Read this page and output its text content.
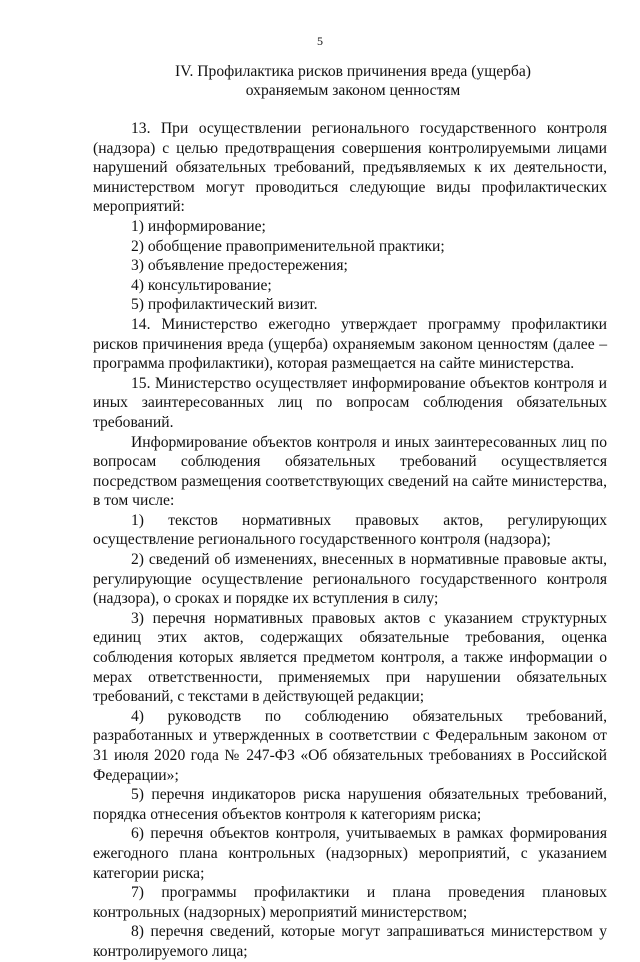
5
IV. Профилактика рисков причинения вреда (ущерба)
охраняемым законом ценностям

13. При осуществлении регионального государственного контроля (надзора) с целью предотвращения совершения контролируемыми лицами нарушений обязательных требований, предъявляемых к их деятельности, министерством могут проводиться следующие виды профилактических мероприятий:

1) информирование;

2) обобщение правоприменительной практики;

3) объявление предостережения;

4) консультирование;

5) профилактический визит.

14. Министерство ежегодно утверждает программу профилактики рисков причинения вреда (ущерба) охраняемым законом ценностям (далее – программа профилактики), которая размещается на сайте министерства.

15. Министерство осуществляет информирование объектов контроля и иных заинтересованных лиц по вопросам соблюдения обязательных требований.

Информирование объектов контроля и иных заинтересованных лиц по вопросам соблюдения обязательных требований осуществляется посредством размещения соответствующих сведений на сайте министерства, в том числе:

1) текстов нормативных правовых актов, регулирующих осуществление регионального государственного контроля (надзора);

2) сведений об изменениях, внесенных в нормативные правовые акты, регулирующие осуществление регионального государственного контроля (надзора), о сроках и порядке их вступления в силу;

3) перечня нормативных правовых актов с указанием структурных единиц этих актов, содержащих обязательные требования, оценка соблюдения которых является предметом контроля, а также информации о мерах ответственности, применяемых при нарушении обязательных требований, с текстами в действующей редакции;

4) руководств по соблюдению обязательных требований, разработанных и утвержденных в соответствии с Федеральным законом от 31 июля 2020 года № 247-ФЗ «Об обязательных требованиях в Российской Федерации»;

5) перечня индикаторов риска нарушения обязательных требований, порядка отнесения объектов контроля к категориям риска;

6) перечня объектов контроля, учитываемых в рамках формирования ежегодного плана контрольных (надзорных) мероприятий, с указанием категории риска;

7) программы профилактики и плана проведения плановых контрольных (надзорных) мероприятий министерством;

8) перечня сведений, которые могут запрашиваться министерством у контролируемого лица;
